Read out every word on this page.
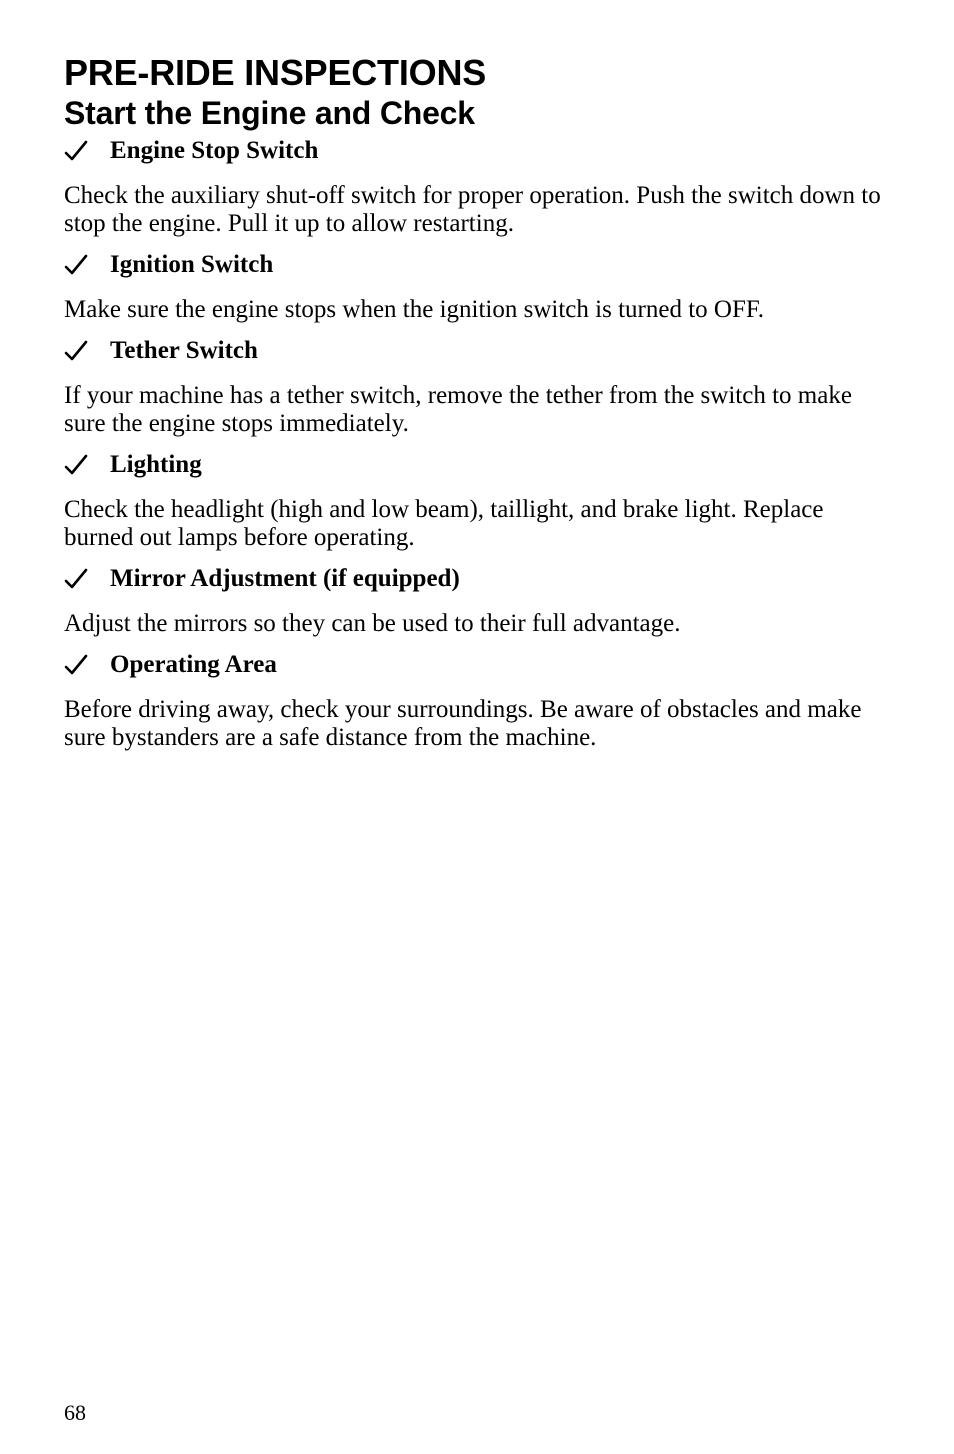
PRE-RIDE INSPECTIONS
Start the Engine and Check
Engine Stop Switch

Check the auxiliary shut-off switch for proper operation. Push the switch down to stop the engine. Pull it up to allow restarting.

Ignition Switch

Make sure the engine stops when the ignition switch is turned to OFF.

Tether Switch

If your machine has a tether switch, remove the tether from the switch to make sure the engine stops immediately.

Lighting

Check the headlight (high and low beam), taillight, and brake light. Replace burned out lamps before operating.

Mirror Adjustment (if equipped)

Adjust the mirrors so they can be used to their full advantage.

Operating Area

Before driving away, check your surroundings. Be aware of obstacles and make sure bystanders are a safe distance from the machine.

68
